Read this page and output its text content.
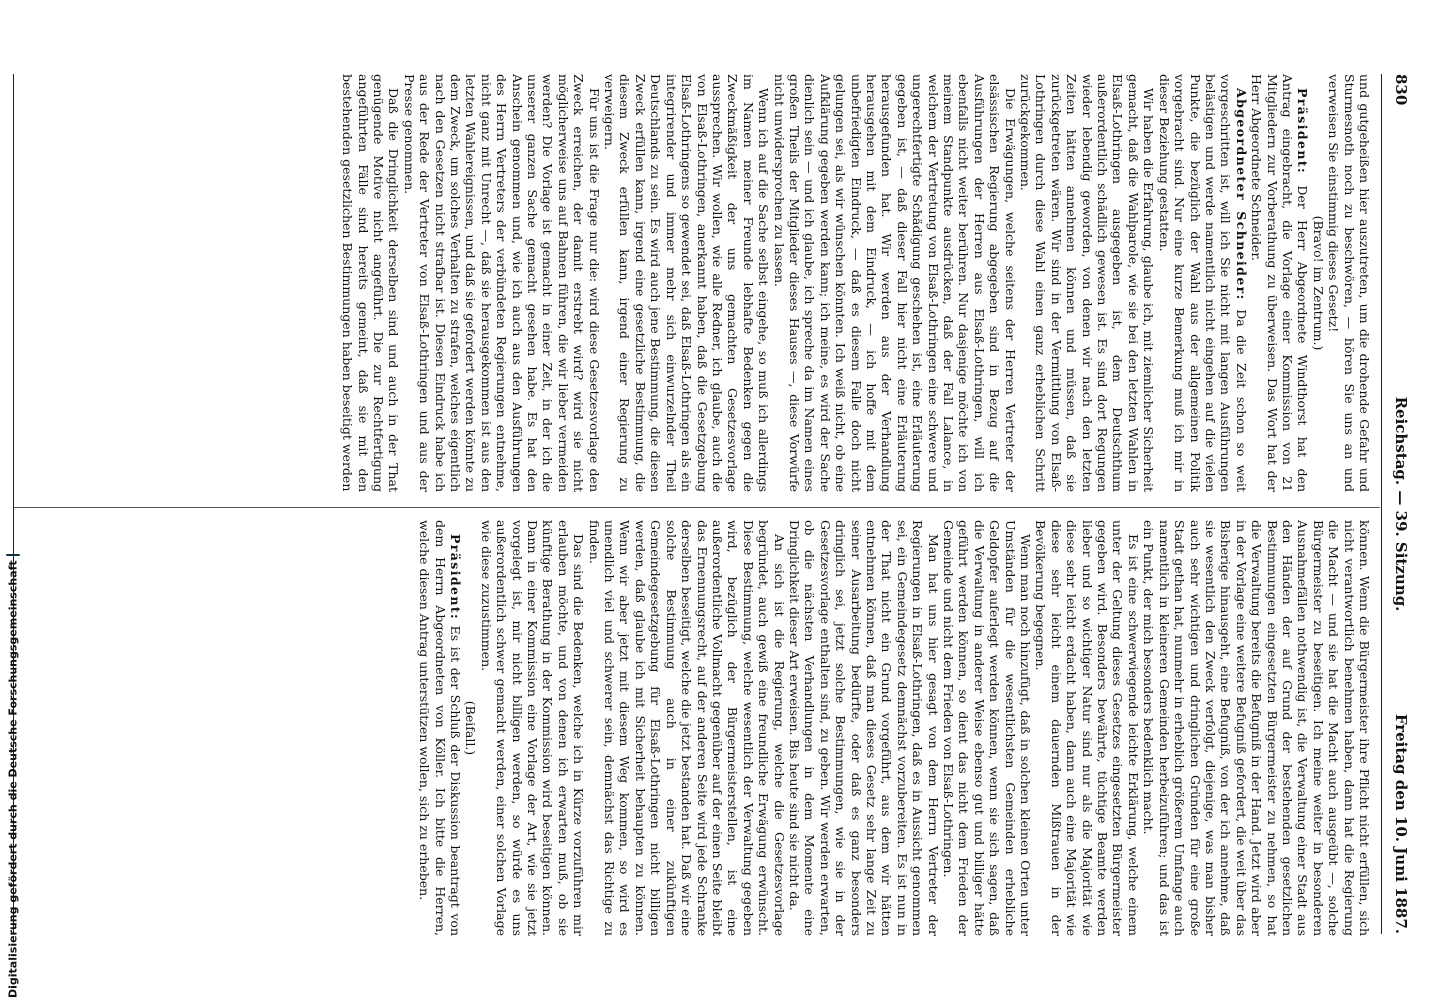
830
Reichstag. — 39. Sitzung.
Freitag den 10. Juni 1887.

und gutgeheißen hier auszutreten, um die drohende Gefahr und Sturmesnoth noch zu beschwören, — hören Sie uns an und verweisen Sie einstimmig dieses Gesetz!

(Bravo! im Zentrum.)

Präsident: Der Herr Abgeordnete Windthorst hat den Antrag eingebracht, die Vorlage einer Kommission von 21 Mitgliedern zur Vorberathung zu überweisen. Das Wort hat der Herr Abgeordnete Schneider.

Abgeordneter Schneider: Da die Zeit schon so weit vorgeschritten ist, will ich Sie nicht mit langen Ausführungen belästigen und werde namentlich nicht eingehen auf die vielen Punkte, die bezüglich der Wahl aus der allgemeinen Politik vorgebracht sind. Nur eine kurze Bemerkung muß ich mir in dieser Beziehung gestatten.

Wir haben die Erfahrung, glaube ich, mit ziemlicher Sicherheit gemacht, daß die Wahlparole, wie sie bei den letzten Wahlen in Elsaß-Lothringen ausgegeben ist, dem Deutschthum außerordentlich schädlich gewesen ist. Es sind dort Regungen wieder lebendig geworden, von denen wir nach den letzten Zeiten hätten annehmen können und müssen, daß sie zurückgetreten wären. Wir sind in der Vermittlung von Elsaß-Lothringen durch diese Wahl einen ganz erheblichen Schritt zurückgekommen.

Die Erwägungen, welche seitens der Herren Vertreter der elsässischen Regierung abgegeben sind in Bezug auf die Ausführungen der Herren aus Elsaß-Lothringen, will ich ebenfalls nicht weiter berühren. Nur dasjenige möchte ich von meinem Standpunkte ausdrücken, daß der Fall Lalance, in welchem der Vertretung von Elsaß-Lothringen eine schwere und ungerechtfertigte Schädigung geschehen ist, eine Erläuterung gegeben ist, — daß dieser Fall hier nicht eine Erläuterung herausgefunden hat. Wir werden aus der Verhandlung herausgehen mit dem Eindruck, — ich hoffe mit dem unbefriedigten Eindruck, — daß es diesem Falle doch nicht gelungen sei, als wir wünschen könnten. Ich weiß nicht, ob eine Aufklärung gegeben werden kann; ich meine, es wird der Sache dienlich sein — und ich glaube, ich spreche da im Namen eines großen Theils der Mitglieder dieses Hauses —, diese Vorwürfe nicht unwidersprochen zu lassen.

Wenn ich auf die Sache selbst eingehe, so muß ich allerdings im Namen meiner Freunde lebhafte Bedenken gegen die Zweckmäßigkeit der uns gemachten Gesetzesvorlage aussprechen. Wir wollen, wie alle Redner, ich glaube, auch die von Elsaß-Lothringen, anerkannt haben, daß die Gesetzgebung Elsaß-Lothringens so gewendet sei, daß Elsaß-Lothringen als ein integrirender und immer mehr sich einwurzelnder Theil Deutschlands zu sein. Es wird auch jene Bestimmung, die diesen Zweck erfüllen kann, irgend eine gesetzliche Bestimmung, die diesem Zweck erfüllen kann, irgend einer Regierung zu verweigern.

Für uns ist die Frage nur die: wird diese Gesetzesvorlage den Zweck erreichen, der damit erstrebt wird? wird sie nicht möglicherweise uns auf Bahnen führen, die wir lieber vermeiden werden? Die Vorlage ist gemacht in einer Zeit, in der ich die unserer ganzen Sache gemacht gesehen habe. Es hat den Anschein genommen und, wie ich auch aus den Ausführungen des Herrn Vertreters der verbündeten Regierungen entnehme, nicht ganz mit Unrecht —, daß sie herausgekommen ist aus den letzten Wahlereignissen, und daß sie gefordert werden könnte zu dem Zweck, um solches Verhalten zu strafen, welches eigentlich nach den Gesetzen nicht strafbar ist. Diesen Eindruck habe ich aus der Rede der Vertreter von Elsaß-Lothringen und aus der Presse genommen.

Daß die Dringlichkeit derselben sind und auch in der That genügende Motive nicht angeführt. Die zur Rechtfertigung angeführten Fälle sind hereits gemeint, daß sie mit den bestehenden gesetzlichen Bestimmungen haben beseitigt werden

können. Wenn die Bürgermeister ihre Pflicht nicht erfüllen, sich nicht verantwortlich benehmen haben, dann hat die Regierung die Macht — und sie hat die Macht auch ausgeübt —, solche Bürgermeister zu beseitigen. Ich meine weiter in besonderen Ausnahmefällen nothwendig ist, die Verwaltung einer Stadt aus den Händen der auf Grund der bestehenden gesetzlichen Bestimmungen eingesetzten Bürgermeister zu nehmen, so hat die Verwaltung bereits die Befugniß in der Hand. Jetzt wird aber in der Vorlage eine weitere Befugniß gefordert, die weit über das Bisherige hinausgeht, eine Befugniß, von der ich annehme, daß sie wesentlich den Zweck verfolgt, diejenige, was man bisher auch sehr wichtigen und dringlichen Gründen für eine große Stadt gethan hat, nunmehr in erheblich größerem Umfange auch namentlich in kleineren Gemeinden herbeizuführen; und das ist ein Punkt, der mich besonders bedenklich macht.

Es ist eine schwerwiegende leichte Erklärung, welche einem unter der Geltung dieses Gesetzes eingesetzten Bürgermeister gegeben wird. Besonders bewährte, tüchtige Beamte werden lieber und so wichtiger Natur sind nur als die Majorität wie diese sehr leicht erdacht haben, dann auch eine Majorität wie diese sehr leicht einem dauernden Mißtrauen in der Bevölkerung begegnen.

Wenn man noch hinzufügt, daß in solchen kleinen Orten unter Umständen für die wesentlichsten Gemeinden erhebliche Geldopfer auferlegt werden können, wenn sie sich sagen, daß die Verwaltung in anderer Weise ebenso gut und billiger hätte geführt werden können, so dient das nicht dem Frieden der Gemeinde und nicht dem Frieden von Elsaß-Lothringen.

Man hat uns hier gesagt von dem Herrn Vertreter der Regierungen in Elsaß-Lothringen, daß es in Aussicht genommen sei, ein Gemeindegesetz demnächst vorzubereiten. Es ist nun in der That nicht ein Grund vorgeführt, aus dem wir hätten entnehmen können, daß man dieses Gesetz sehr lange Zeit zu seiner Ausarbeitung bedürfte, oder daß es ganz besonders dringlich sei, jetzt solche Bestimmungen, wie sie in der Gesetzesvorlage enthalten sind, zu geben. Wir werden erwarten, ob die nächsten Verhandlungen in dem Momente eine Dringlichkeit dieser Art erweisen. Bis heute sind sie nicht da.

An sich ist die Regierung, welche die Gesetzesvorlage begründet, auch gewiß eine freundliche Erwägung erwünscht. Diese Bestimmung, welche wesentlich der Verwaltung gegeben wird, bezüglich der Bürgermeisterstellen, ist eine außerordentliche Vollmacht gegenüber auf der einen Seite bleibt das Ernennungsrecht, auf der anderen Seite wird jede Schranke derselben beseitigt, welche die jetzt bestanden hat. Daß wir eine solche Bestimmung auch in einer zukünftigen Gemeindegesetzgebung für Elsaß-Lothringen nicht billigen werden, daß glaube ich mit Sicherheit behaupten zu können. Wenn wir aber jetzt mit diesem Weg kommen, so wird es unendlich viel und schwerer sein, demnächst das Richtige zu finden.

Das sind die Bedenken, welche ich in Kürze vorzuführen mir erlauben möchte, und von denen ich erwarten muß, ob sie künftige Berathung in der Kommission wird beseitigen können. Dann in einer Kommission eine Vorlage der Art, wie sie jetzt vorgelegt ist, mir nicht billigen werden, so würde es uns außerordentlich schwer gemacht werden, einer solchen Vorlage wie diese zuzustimmen.

(Beifall.)

Präsident: Es ist der Schluß der Diskussion beantragt von dem Herrn Abgeordneten von Köller. Ich bitte die Herren, welche diesen Antrag unterstützen wollen, sich zu erheben.

Digitalisierung gefördert durch die Deutsche Forschungsgemeinschaft
